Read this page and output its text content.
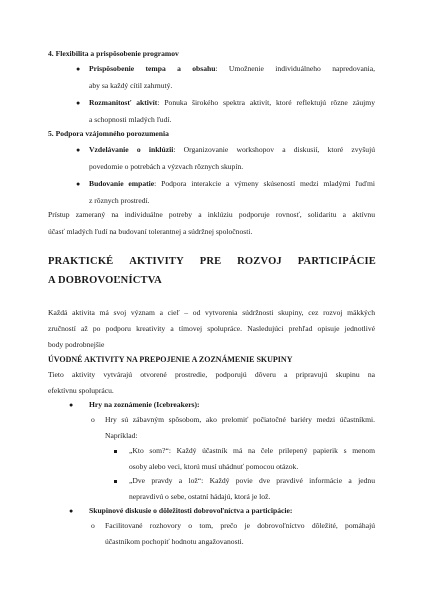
4. Flexibilita a prispôsobenie programov
● Prispôsobenie tempa a obsahu: Umožnenie individuálneho napredovania,
aby sa každý cítil zahrnutý.
● Rozmanitosť aktivít: Ponuka širokého spektra aktivít, ktoré reflektujú rôzne záujmy
a schopnosti mladých ľudí.
5. Podpora vzájomného porozumenia
● Vzdelávanie o inklúzii: Organizovanie workshopov a diskusií, ktoré zvyšujú
povedomie o potrebách a výzvach rôznych skupín.
● Budovanie empatie: Podpora interakcie a výmeny skúseností medzi mladými ľuďmi
z rôznych prostredí.
Prístup zameraný na individuálne potreby a inklúziu podporuje rovnosť, solidaritu a aktívnu
účasť mladých ľudí na budovaní tolerantnej a súdržnej spoločnosti.
PRAKTICKÉ AKTIVITY PRE ROZVOJ PARTICIPÁCIE
A DOBROVOĽNÍCTVA
Každá aktivita má svoj význam a cieľ – od vytvorenia súdržnosti skupiny, cez rozvoj mäkkých
zručností až po podporu kreativity a tímovej spolupráce. Nasledujúci prehľad opisuje jednotlivé
body podrobnejšie
ÚVODNÉ AKTIVITY NA PREPOJENIE A ZOZNÁMENIE SKUPINY
Tieto aktivity vytvárajú otvorené prostredie, podporujú dôveru a pripravujú skupinu na
efektívnu spoluprácu.
● Hry na zoznámenie (Icebreakers):
o Hry sú zábavným spôsobom, ako prelomiť počiatočné bariéry medzi účastníkmi.
Napríklad:
„Kto som?“: Každý účastník má na čele prilepený papierik s menom
osoby alebo veci, ktorú musí uhádnuť pomocou otázok.
„Dve pravdy a lož“: Každý povie dve pravdivé informácie a jednu
nepravdivú o sebe, ostatní hádajú, ktorá je lož.
● Skupinové diskusie o dôležitosti dobrovoľníctva a participácie:
o Facilitované rozhovory o tom, prečo je dobrovoľníctvo dôležité, pomáhajú
účastníkom pochopiť hodnotu angažovanosti.
